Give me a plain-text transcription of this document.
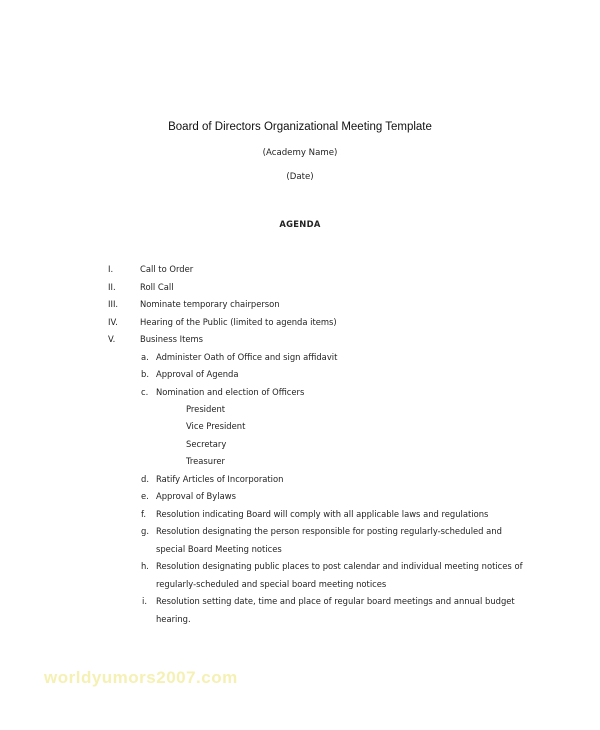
Board of Directors Organizational Meeting Template
(Academy Name)
(Date)
AGENDA
I.	Call to Order
II.	Roll Call
III.	Nominate temporary chairperson
IV.	Hearing of the Public (limited to agenda items)
V.	Business Items
a. Administer Oath of Office and sign affidavit
b. Approval of Agenda
c. Nomination and election of Officers
President
Vice President
Secretary
Treasurer
d. Ratify Articles of Incorporation
e. Approval of Bylaws
f. Resolution indicating Board will comply with all applicable laws and regulations
g. Resolution designating the person responsible for posting regularly-scheduled and
special Board Meeting notices
h. Resolution designating public places to post calendar and individual meeting notices of
regularly-scheduled and special board meeting notices
i. Resolution setting date, time and place of regular board meetings and annual budget
hearing.
worldyumors2007.com
